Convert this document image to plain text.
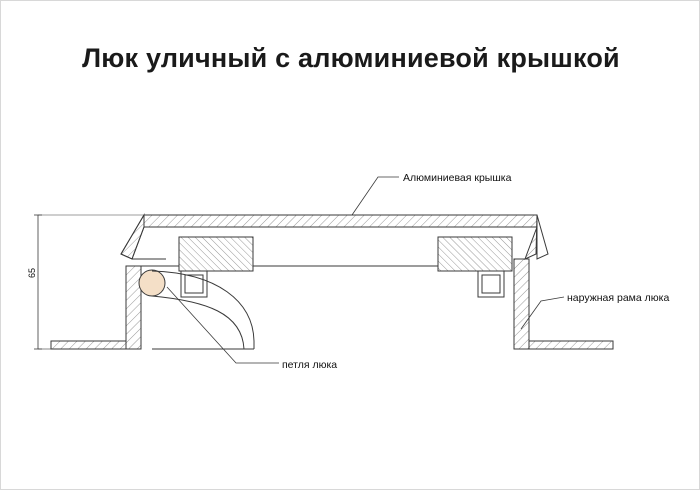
Люк уличный с алюминиевой крышкой
Алюминиевая крышка
наружная рама люка
петля люка
65
